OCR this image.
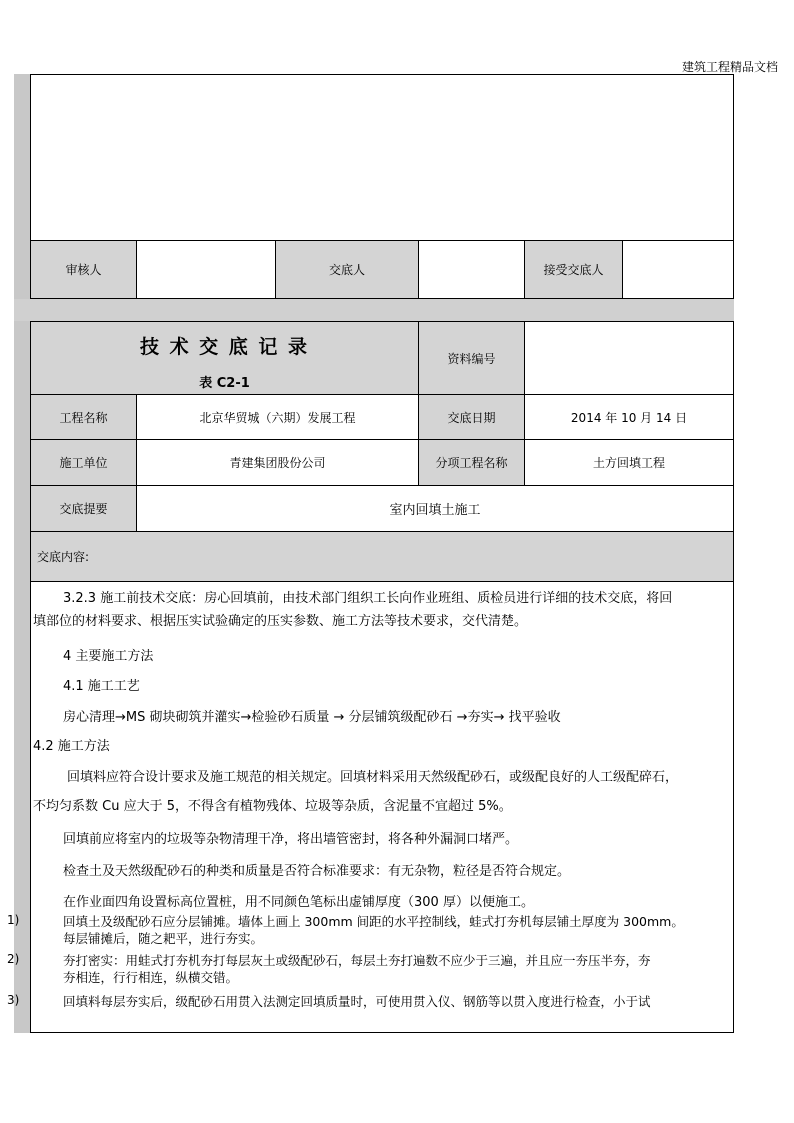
建筑工程精品文档
审核人	交底人	接受交底人
技 术 交 底 记 录
表 C2-1
资料编号
工程名称	北京华贸城（六期）发展工程	交底日期	2014 年 10 月 14 日
施工单位	青建集团股份公司	分项工程名称	土方回填工程
交底提要	室内回填土施工
交底内容:
3.2.3 施工前技术交底：房心回填前，由技术部门组织工长向作业班组、质检员进行详细的技术交底，将回
填部位的材料要求、根据压实试验确定的压实参数、施工方法等技术要求，交代清楚。
4 主要施工方法
4.1 施工工艺
房心清理→MS 砌块砌筑并灌实→检验砂石质量 → 分层铺筑级配砂石 →夯实→ 找平验收
4.2 施工方法
回填料应符合设计要求及施工规范的相关规定。回填材料采用天然级配砂石，或级配良好的人工级配碎石，
不均匀系数 Cu 应大于 5，不得含有植物残体、垃圾等杂质，含泥量不宜超过 5%。
回填前应将室内的垃圾等杂物清理干净，将出墙管密封，将各种外漏洞口堵严。
检查土及天然级配砂石的种类和质量是否符合标准要求：有无杂物，粒径是否符合规定。
在作业面四角设置标高位置桩，用不同颜色笔标出虚铺厚度（300 厚）以便施工。
1)	回填土及级配砂石应分层铺摊。墙体上画上 300mm 间距的水平控制线，蛙式打夯机每层铺土厚度为 300mm。
每层铺摊后，随之耙平，进行夯实。
2)	夯打密实：用蛙式打夯机夯打每层灰土或级配砂石，每层土夯打遍数不应少于三遍，并且应一夯压半夯，夯
夯相连，行行相连，纵横交错。
3)	回填料每层夯实后，级配砂石用贯入法测定回填质量时，可使用贯入仪、钢筋等以贯入度进行检查，小于试
